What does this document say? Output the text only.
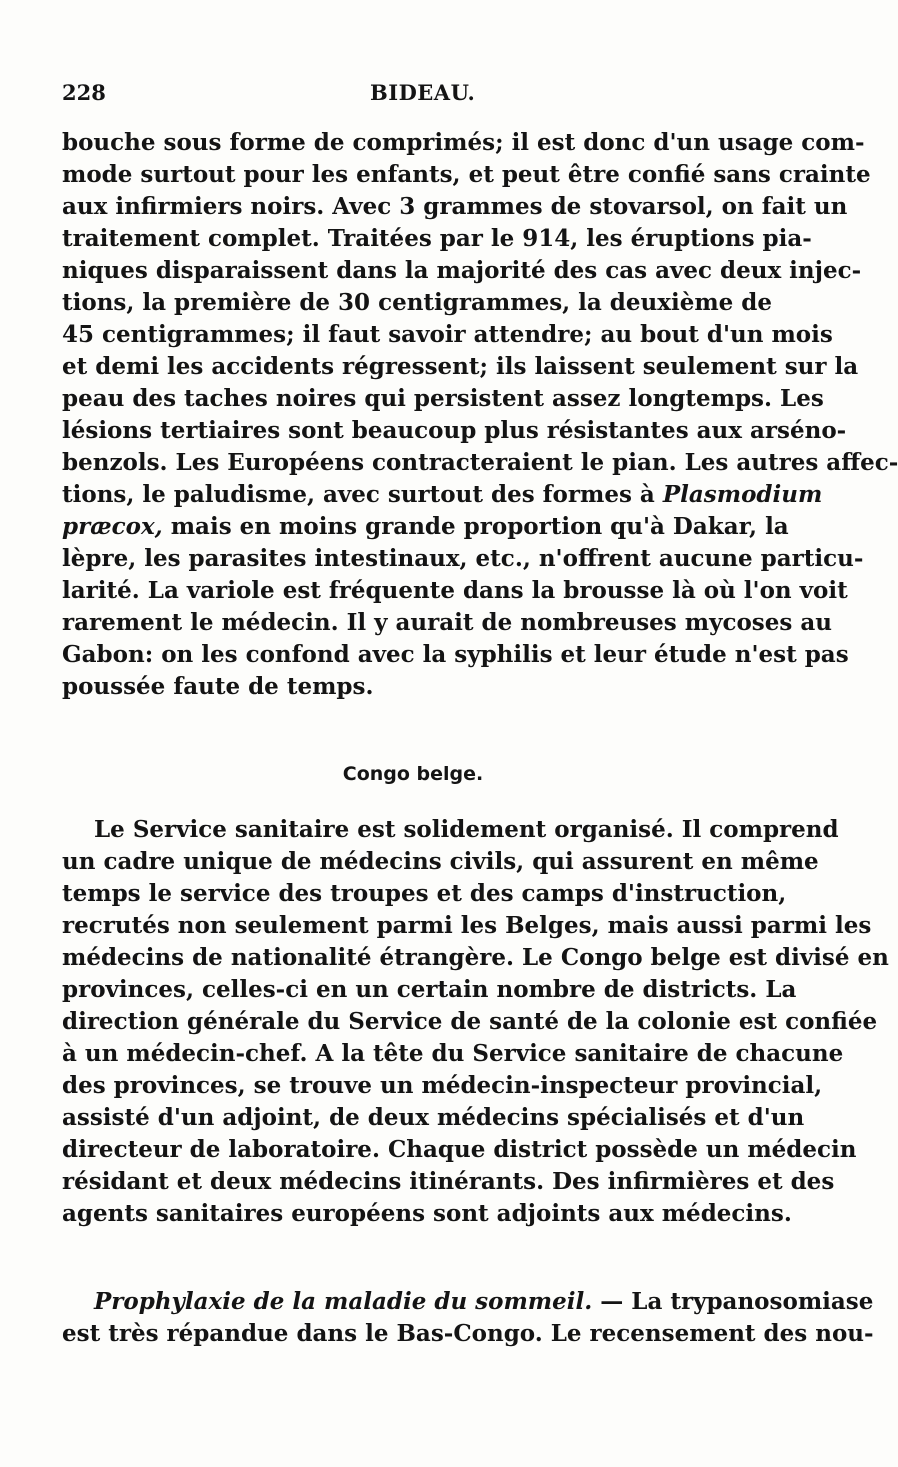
228	BIDEAU.
bouche sous forme de comprimés; il est donc d'un usage com-
mode surtout pour les enfants, et peut être confié sans crainte
aux infirmiers noirs. Avec 3 grammes de stovarsol, on fait un
traitement complet. Traitées par le 914, les éruptions pia-
niques disparaissent dans la majorité des cas avec deux injec-
tions, la première de 30 centigrammes, la deuxième de
45 centigrammes; il faut savoir attendre; au bout d'un mois
et demi les accidents régressent; ils laissent seulement sur la
peau des taches noires qui persistent assez longtemps. Les
lésions tertiaires sont beaucoup plus résistantes aux arséno-
benzols. Les Européens contracteraient le pian. Les autres affec-
tions, le paludisme, avec surtout des formes à Plasmodium
præcox, mais en moins grande proportion qu'à Dakar, la
lèpre, les parasites intestinaux, etc., n'offrent aucune particu-
larité. La variole est fréquente dans la brousse là où l'on voit
rarement le médecin. Il y aurait de nombreuses mycoses au
Gabon: on les confond avec la syphilis et leur étude n'est pas
poussée faute de temps.
Congo belge.
Le Service sanitaire est solidement organisé. Il comprend
un cadre unique de médecins civils, qui assurent en même
temps le service des troupes et des camps d'instruction,
recrutés non seulement parmi les Belges, mais aussi parmi les
médecins de nationalité étrangère. Le Congo belge est divisé en
provinces, celles-ci en un certain nombre de districts. La
direction générale du Service de santé de la colonie est confiée
à un médecin-chef. A la tête du Service sanitaire de chacune
des provinces, se trouve un médecin-inspecteur provincial,
assisté d'un adjoint, de deux médecins spécialisés et d'un
directeur de laboratoire. Chaque district possède un médecin
résidant et deux médecins itinérants. Des infirmières et des
agents sanitaires européens sont adjoints aux médecins.
Prophylaxie de la maladie du sommeil. — La trypanosomiase
est très répandue dans le Bas-Congo. Le recensement des nou-
